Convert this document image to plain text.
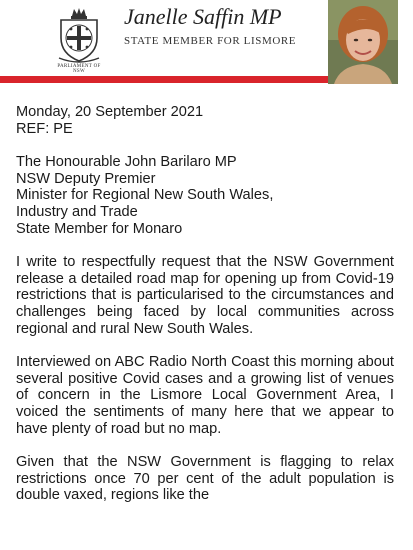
PARLIAMENT OF NSW
Janelle Saffin MP
STATE MEMBER FOR LISMORE

Monday, 20 September 2021
REF: PE

The Honourable John Barilaro MP
NSW Deputy Premier
Minister for Regional New South Wales,
Industry and Trade
State Member for Monaro

I write to respectfully request that the NSW Government release a detailed road map for opening up from Covid-19 restrictions that is particularised to the circumstances and challenges being faced by local communities across regional and rural New South Wales.

Interviewed on ABC Radio North Coast this morning about several positive Covid cases and a growing list of venues of concern in the Lismore Local Government Area, I voiced the sentiments of many here that we appear to have plenty of road but no map.

Given that the NSW Government is flagging to relax restrictions once 70 per cent of the adult population is double vaxed, regions like the
